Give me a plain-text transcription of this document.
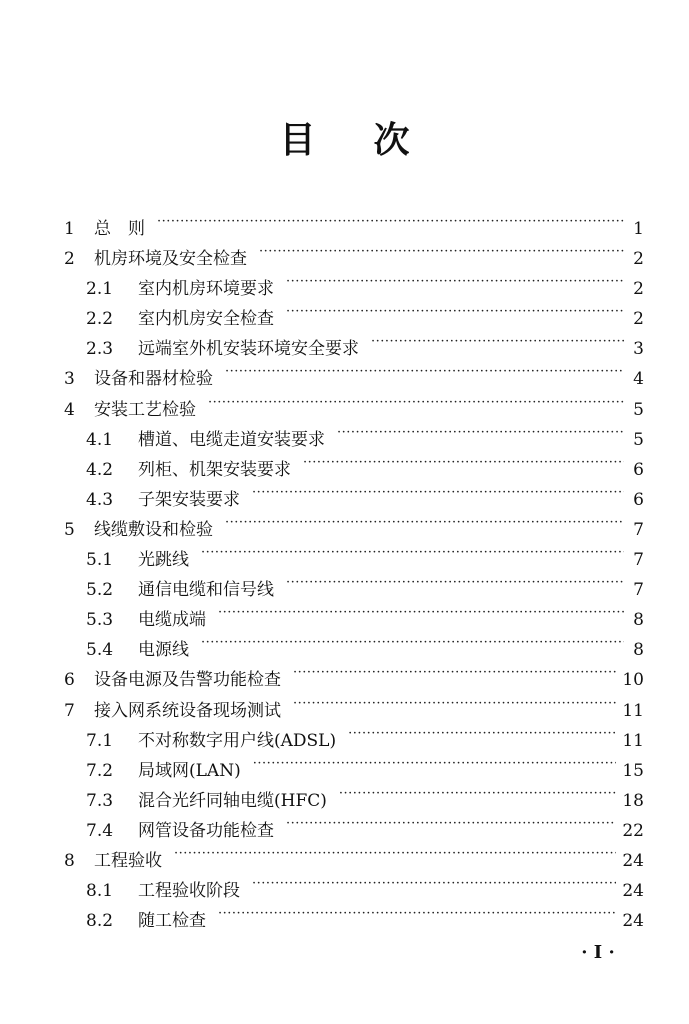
目 次
1	总　则 ·····	1
2	机房环境及安全检查 ·····	2
2.1	室内机房环境要求 ·····	2
2.2	室内机房安全检查 ·····	2
2.3	远端室外机安装环境安全要求 ·····	3
3	设备和器材检验 ·····	4
4	安装工艺检验 ·····	5
4.1	槽道、电缆走道安装要求 ·····	5
4.2	列柜、机架安装要求 ·····	6
4.3	子架安装要求 ·····	6
5	线缆敷设和检验 ·····	7
5.1	光跳线 ·····	7
5.2	通信电缆和信号线 ·····	7
5.3	电缆成端 ·····	8
5.4	电源线 ·····	8
6	设备电源及告警功能检查 ·····	10
7	接入网系统设备现场测试 ·····	11
7.1	不对称数字用户线(ADSL) ·····	11
7.2	局域网(LAN) ·····	15
7.3	混合光纤同轴电缆(HFC) ·····	18
7.4	网管设备功能检查 ·····	22
8	工程验收 ·····	24
8.1	工程验收阶段 ·····	24
8.2	随工检查 ·····	24
· I ·
